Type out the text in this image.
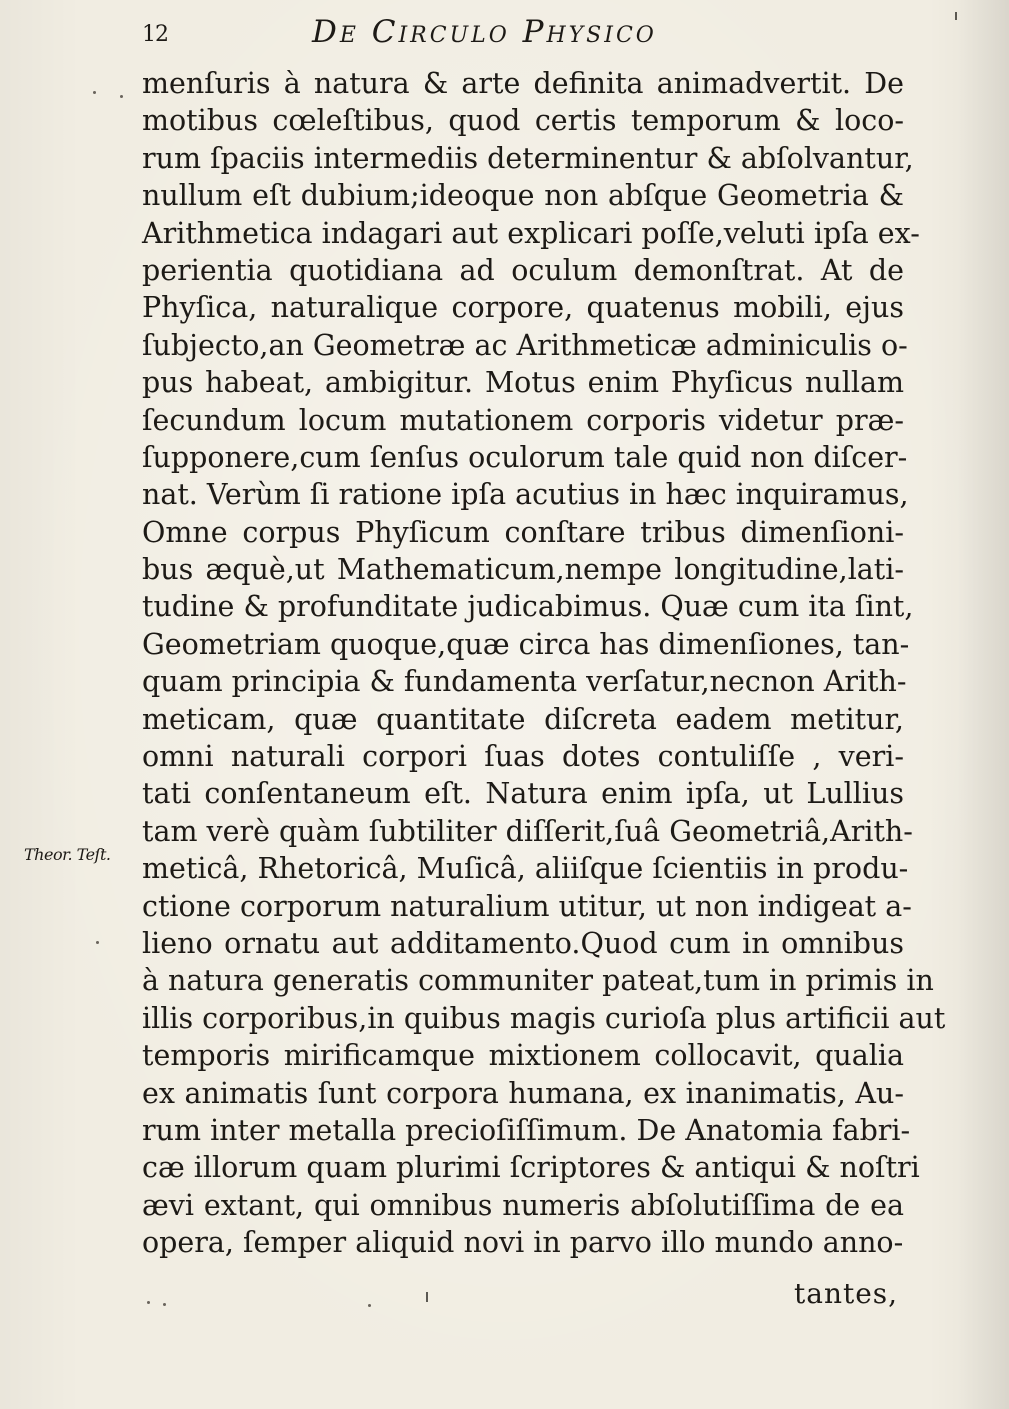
12	De Circulo Physico
Theor. Teſt.
menſuris à natura & arte definita animadvertit. De
motibus cœleſtibus, quod certis temporum & loco-
rum ſpaciis intermediis determinentur & abſolvantur,
nullum eſt dubium;ideoque non abſque Geometria &
Arithmetica indagari aut explicari poſſe,veluti ipſa ex-
perientia quotidiana ad oculum demonſtrat. At de
Phyſica, naturalique corpore, quatenus mobili, ejus
ſubjecto,an Geometræ ac Arithmeticæ adminiculis o-
pus habeat, ambigitur. Motus enim Phyſicus nullam
ſecundum locum mutationem corporis videtur præ-
ſupponere,cum ſenſus oculorum tale quid non diſcer-
nat. Verùm ſi ratione ipſa acutius in hæc inquiramus,
Omne corpus Phyſicum conſtare tribus dimenſioni-
bus æquè,ut Mathematicum,nempe longitudine,lati-
tudine & profunditate judicabimus. Quæ cum ita ſint,
Geometriam quoque,quæ circa has dimenſiones, tan-
quam principia & fundamenta verſatur,necnon Arith-
meticam, quæ quantitate diſcreta eadem metitur,
omni naturali corpori ſuas dotes contuliſſe , veri-
tati conſentaneum eſt. Natura enim ipſa, ut Lullius
tam verè quàm ſubtiliter diſſerit,ſuâ Geometriâ,Arith-
meticâ, Rhetoricâ, Muſicâ, aliiſque ſcientiis in produ-
ctione corporum naturalium utitur, ut non indigeat a-
lieno ornatu aut additamento.Quod cum in omnibus
à natura generatis communiter pateat,tum in primis in
illis corporibus,in quibus magis curioſa plus artificii aut
temporis mirificamque mixtionem collocavit, qualia
ex animatis ſunt corpora humana, ex inanimatis, Au-
rum inter metalla precioſiſſimum. De Anatomia fabri-
cæ illorum quam plurimi ſcriptores & antiqui & noſtri
ævi extant, qui omnibus numeris abſolutiſſima de ea
opera, ſemper aliquid novi in parvo illo mundo anno-
tantes,
